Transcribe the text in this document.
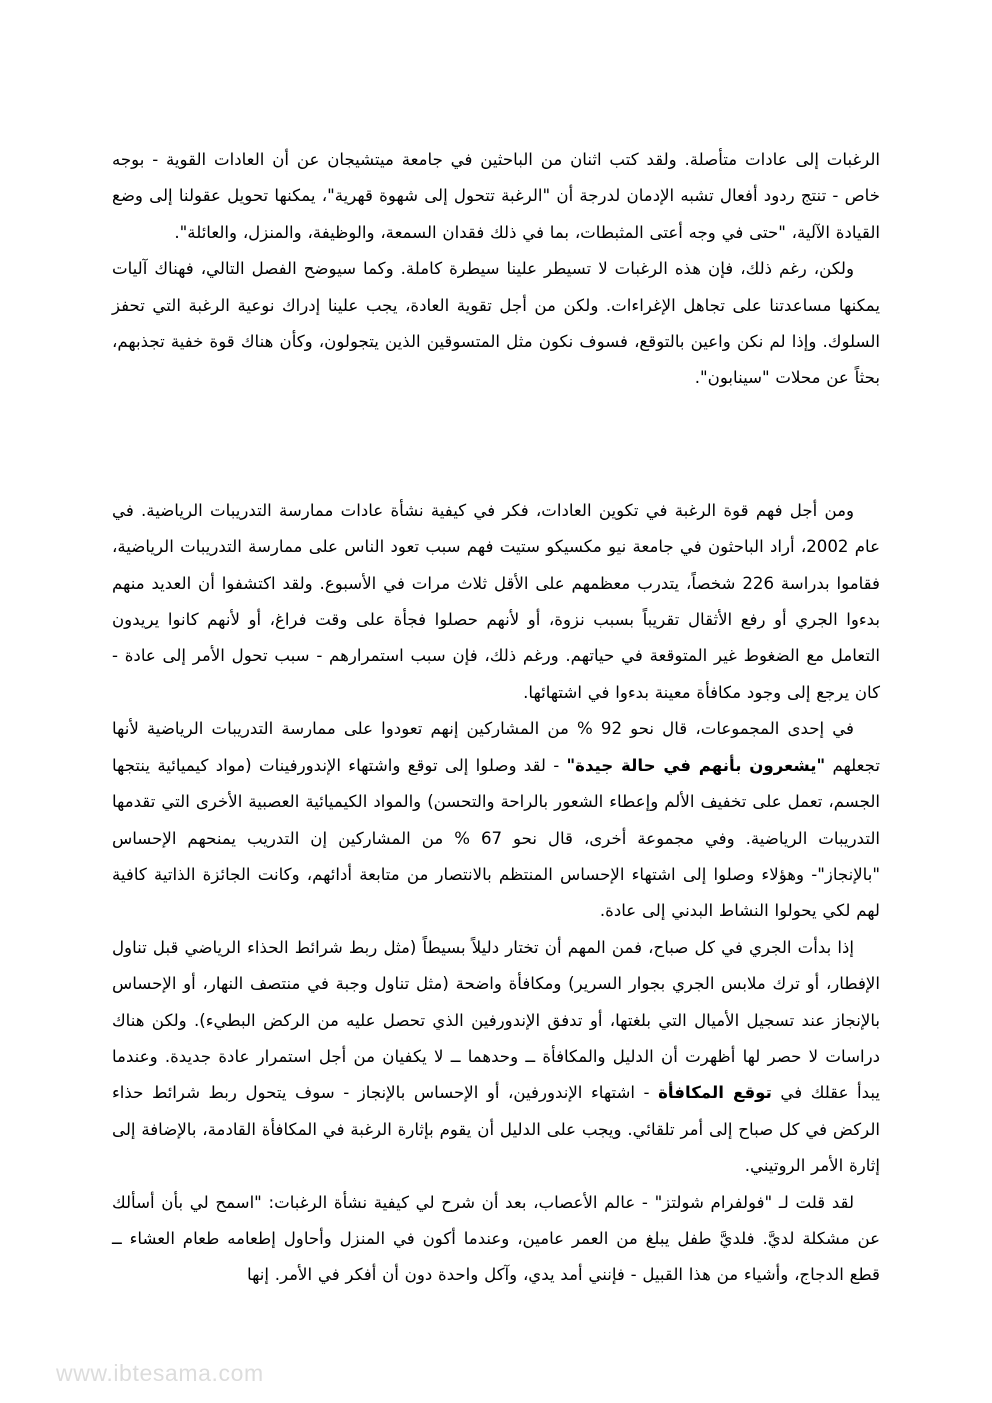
الرغبات إلى عادات متأصلة. ولقد كتب اثنان من الباحثين في جامعة ميتشيجان عن أن العادات القوية - بوجه خاص - تنتج ردود أفعال تشبه الإدمان لدرجة أن "الرغبة تتحول إلى شهوة قهرية"، يمكنها تحويل عقولنا إلى وضع القيادة الآلية، "حتى في وجه أعتى المثبطات، بما في ذلك فقدان السمعة، والوظيفة، والمنزل، والعائلة".

ولكن، رغم ذلك، فإن هذه الرغبات لا تسيطر علينا سيطرة كاملة. وكما سيوضح الفصل التالي، فهناك آليات يمكنها مساعدتنا على تجاهل الإغراءات. ولكن من أجل تقوية العادة، يجب علينا إدراك نوعية الرغبة التي تحفز السلوك. وإذا لم نكن واعين بالتوقع، فسوف نكون مثل المتسوقين الذين يتجولون، وكأن هناك قوة خفية تجذبهم، بحثاً عن محلات "سينابون".

ومن أجل فهم قوة الرغبة في تكوين العادات، فكر في كيفية نشأة عادات ممارسة التدريبات الرياضية. في عام 2002، أراد الباحثون في جامعة نيو مكسيكو ستيت فهم سبب تعود الناس على ممارسة التدريبات الرياضية، فقاموا بدراسة 226 شخصاً، يتدرب معظمهم على الأقل ثلاث مرات في الأسبوع. ولقد اكتشفوا أن العديد منهم بدءوا الجري أو رفع الأثقال تقريباً بسبب نزوة، أو لأنهم حصلوا فجأة على وقت فراغ، أو لأنهم كانوا يريدون التعامل مع الضغوط غير المتوقعة في حياتهم. ورغم ذلك، فإن سبب استمرارهم - سبب تحول الأمر إلى عادة - كان يرجع إلى وجود مكافأة معينة بدءوا في اشتهائها.

في إحدى المجموعات، قال نحو 92 % من المشاركين إنهم تعودوا على ممارسة التدريبات الرياضية لأنها تجعلهم "يشعرون بأنهم في حالة جيدة" - لقد وصلوا إلى توقع واشتهاء الإندورفينات (مواد كيميائية ينتجها الجسم، تعمل على تخفيف الألم وإعطاء الشعور بالراحة والتحسن) والمواد الكيميائية العصبية الأخرى التي تقدمها التدريبات الرياضية. وفي مجموعة أخرى، قال نحو 67 % من المشاركين إن التدريب يمنحهم الإحساس "بالإنجاز"- وهؤلاء وصلوا إلى اشتهاء الإحساس المنتظم بالانتصار من متابعة أدائهم، وكانت الجائزة الذاتية كافية لهم لكي يحولوا النشاط البدني إلى عادة.

إذا بدأت الجري في كل صباح، فمن المهم أن تختار دليلاً بسيطاً (مثل ربط شرائط الحذاء الرياضي قبل تناول الإفطار، أو ترك ملابس الجري بجوار السرير) ومكافأة واضحة (مثل تناول وجبة في منتصف النهار، أو الإحساس بالإنجاز عند تسجيل الأميال التي بلغتها، أو تدفق الإندورفين الذي تحصل عليه من الركض البطيء). ولكن هناك دراسات لا حصر لها أظهرت أن الدليل والمكافأة ــ وحدهما ــ لا يكفيان من أجل استمرار عادة جديدة. وعندما يبدأ عقلك في توقع المكافأة - اشتهاء الإندورفين، أو الإحساس بالإنجاز - سوف يتحول ربط شرائط حذاء الركض في كل صباح إلى أمر تلقائي. ويجب على الدليل أن يقوم بإثارة الرغبة في المكافأة القادمة، بالإضافة إلى إثارة الأمر الروتيني.

لقد قلت لـ "فولفرام شولتز" - عالم الأعصاب، بعد أن شرح لي كيفية نشأة الرغبات: "اسمح لي بأن أسألك عن مشكلة لديَّ. فلديَّ طفل يبلغ من العمر عامين، وعندما أكون في المنزل وأحاول إطعامه طعام العشاء ــ قطع الدجاج، وأشياء من هذا القبيل - فإنني أمد يدي، وآكل واحدة دون أن أفكر في الأمر. إنها

www.ibtesama.com
